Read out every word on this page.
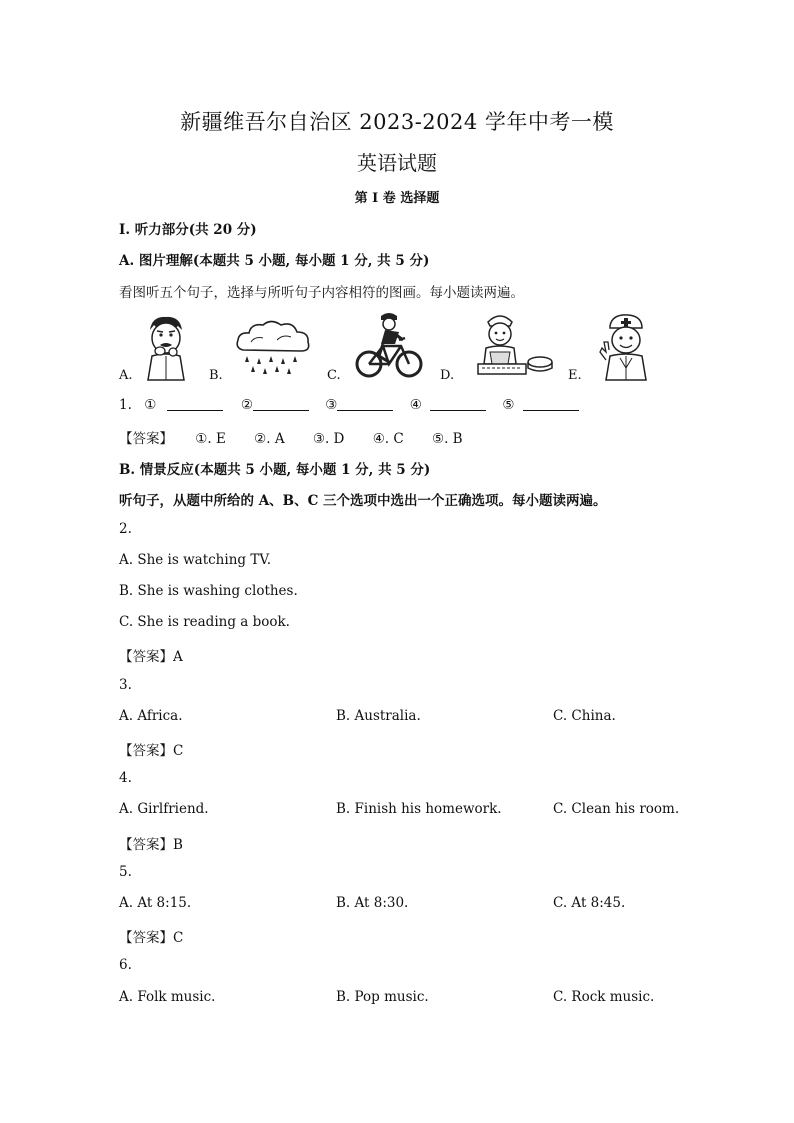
新疆维吾尔自治区 2023-2024 学年中考一模
英语试题
第 I 卷 选择题
I. 听力部分(共 20 分)
A. 图片理解(本题共 5 小题, 每小题 1 分, 共 5 分)
看图听五个句子，选择与所听句子内容相符的图画。每小题读两遍。
A.	B.	C.	D.	E.
1. ①	②	③	④	⑤
【答案】 ①. E ②. A ③. D ④. C ⑤. B
B. 情景反应(本题共 5 小题, 每小题 1 分, 共 5 分)
听句子，从题中所给的 A、B、C 三个选项中选出一个正确选项。每小题读两遍。
2.
A. She is watching TV.
B. She is washing clothes.
C. She is reading a book.
【答案】A
3.
A. Africa.	B. Australia.	C. China.
【答案】C
4.
A. Girlfriend.	B. Finish his homework.	C. Clean his room.
【答案】B
5.
A. At 8:15.	B. At 8:30.	C. At 8:45.
【答案】C
6.
A. Folk music.	B. Pop music.	C. Rock music.
